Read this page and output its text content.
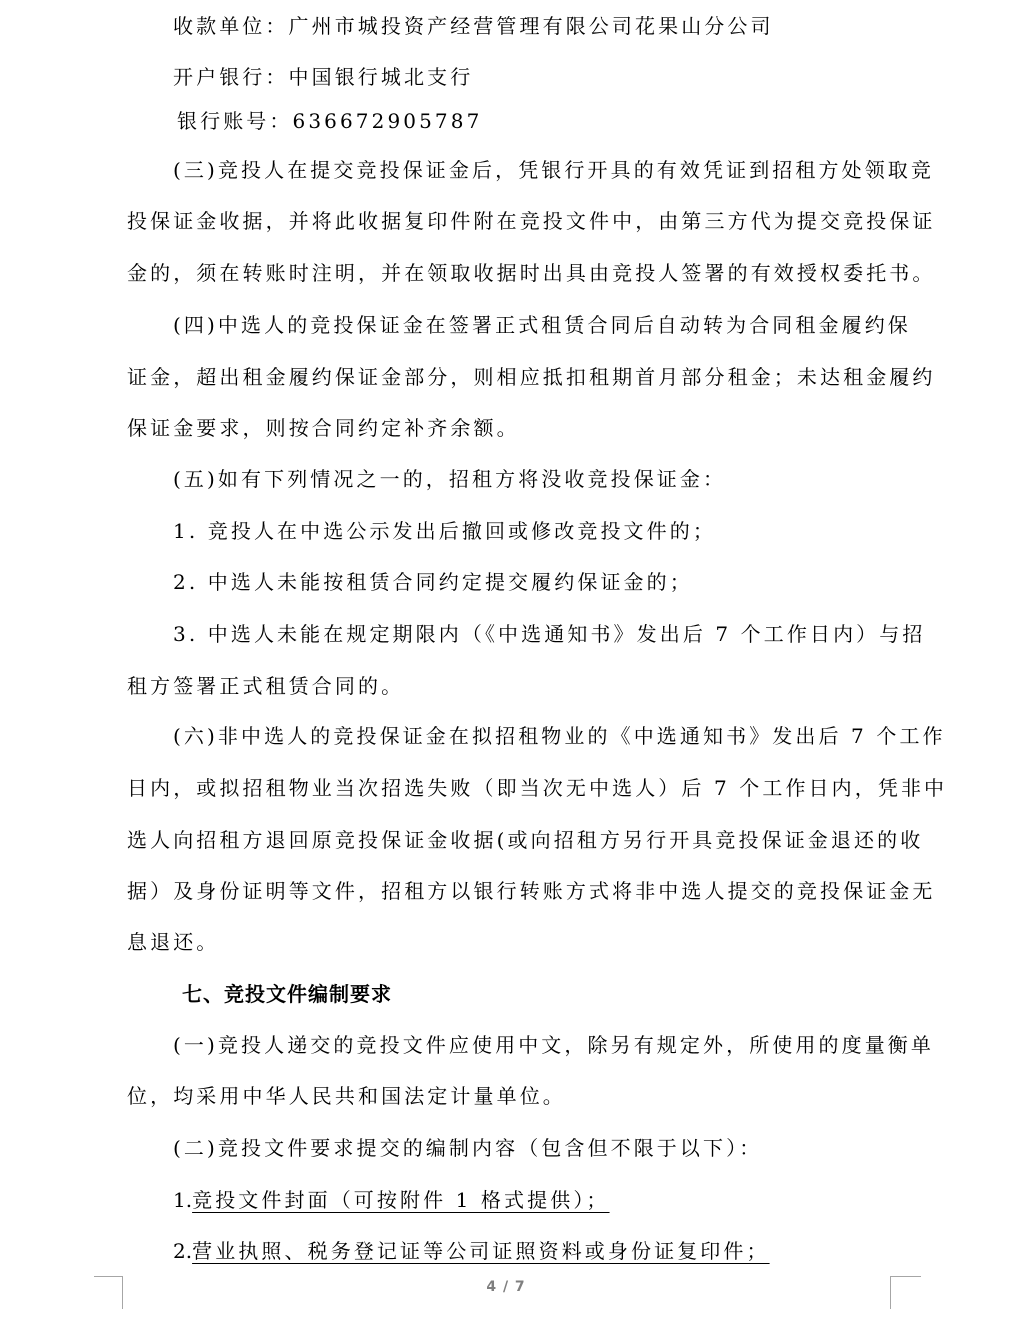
收款单位：广州市城投资产经营管理有限公司花果山分公司
开户银行：中国银行城北支行
银行账号：636672905787
(三)竞投人在提交竞投保证金后，凭银行开具的有效凭证到招租方处领取竞
投保证金收据，并将此收据复印件附在竞投文件中，由第三方代为提交竞投保证
金的，须在转账时注明，并在领取收据时出具由竞投人签署的有效授权委托书。
(四)中选人的竞投保证金在签署正式租赁合同后自动转为合同租金履约保
证金，超出租金履约保证金部分，则相应抵扣租期首月部分租金；未达租金履约
保证金要求，则按合同约定补齐余额。
(五)如有下列情况之一的，招租方将没收竞投保证金：
1. 竞投人在中选公示发出后撤回或修改竞投文件的；
2. 中选人未能按租赁合同约定提交履约保证金的；
3. 中选人未能在规定期限内（《中选通知书》发出后 7 个工作日内）与招
租方签署正式租赁合同的。
(六)非中选人的竞投保证金在拟招租物业的《中选通知书》发出后 7 个工作
日内，或拟招租物业当次招选失败（即当次无中选人）后 7 个工作日内，凭非中
选人向招租方退回原竞投保证金收据(或向招租方另行开具竞投保证金退还的收
据）及身份证明等文件，招租方以银行转账方式将非中选人提交的竞投保证金无
息退还。
七、竞投文件编制要求
(一)竞投人递交的竞投文件应使用中文，除另有规定外，所使用的度量衡单
位，均采用中华人民共和国法定计量单位。
(二)竞投文件要求提交的编制内容（包含但不限于以下）：
1.竞投文件封面（可按附件 1 格式提供）；
2.营业执照、税务登记证等公司证照资料或身份证复印件；
4 / 7
